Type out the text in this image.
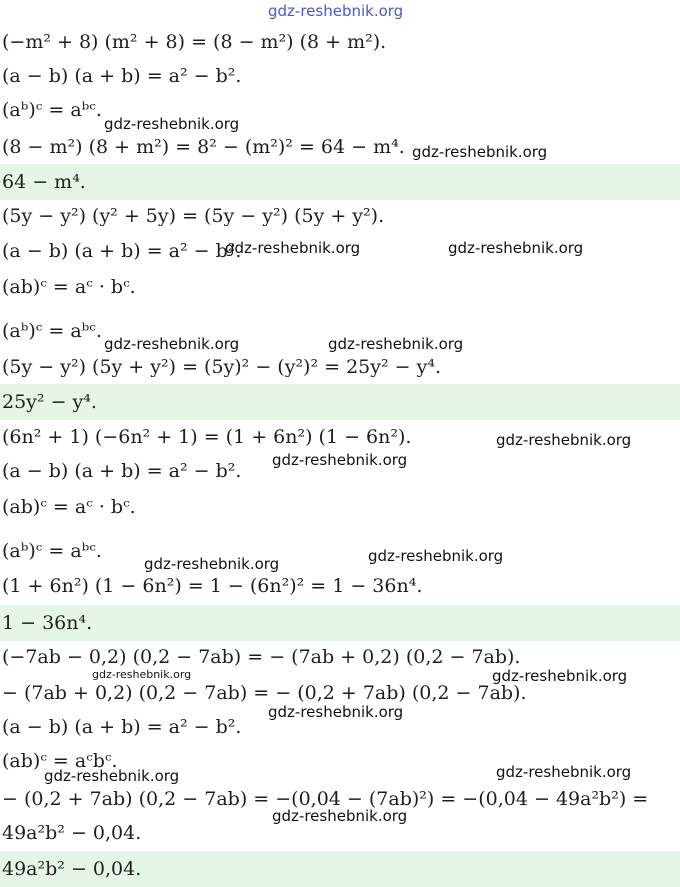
(−m² + 8) (m² + 8) = (8 − m²) (8 + m²).
(a − b) (a + b) = a² − b².
(aᵇ)ᶜ = aᵇᶜ.
(8 − m²) (8 + m²) = 8² − (m²)² = 64 − m⁴.
64 − m⁴.
(5y − y²) (y² + 5y) = (5y − y²) (5y + y²).
(a − b) (a + b) = a² − b².
(ab)ᶜ = aᶜ · bᶜ.
(aᵇ)ᶜ = aᵇᶜ.
(5y − y²) (5y + y²) = (5y)² − (y²)² = 25y² − y⁴.
25y² − y⁴.
(6n² + 1) (−6n² + 1) = (1 + 6n²) (1 − 6n²).
(a − b) (a + b) = a² − b².
(ab)ᶜ = aᶜ · bᶜ.
(aᵇ)ᶜ = aᵇᶜ.
(1 + 6n²) (1 − 6n²) = 1 − (6n²)² = 1 − 36n⁴.
1 − 36n⁴.
(−7ab − 0,2) (0,2 − 7ab) = − (7ab + 0,2) (0,2 − 7ab).
− (7ab + 0,2) (0,2 − 7ab) = − (0,2 + 7ab) (0,2 − 7ab).
(a − b) (a + b) = a² − b².
(ab)ᶜ = aᶜbᶜ.
− (0,2 + 7ab) (0,2 − 7ab) = −(0,04 − (7ab)²) = −(0,04 − 49a²b²) =
49a²b² − 0,04.
49a²b² − 0,04.
gdz-reshebnik.org
gdz-reshebnik.org
gdz-reshebnik.org
gdz-reshebnik.org	gdz-reshebnik.org
gdz-reshebnik.org	gdz-reshebnik.org
gdz-reshebnik.org
gdz-reshebnik.org
gdz-reshebnik.org	gdz-reshebnik.org
gdz-reshebnik.org	gdz-reshebnik.org
gdz-reshebnik.org
gdz-reshebnik.org	gdz-reshebnik.org
gdz-reshebnik.org
